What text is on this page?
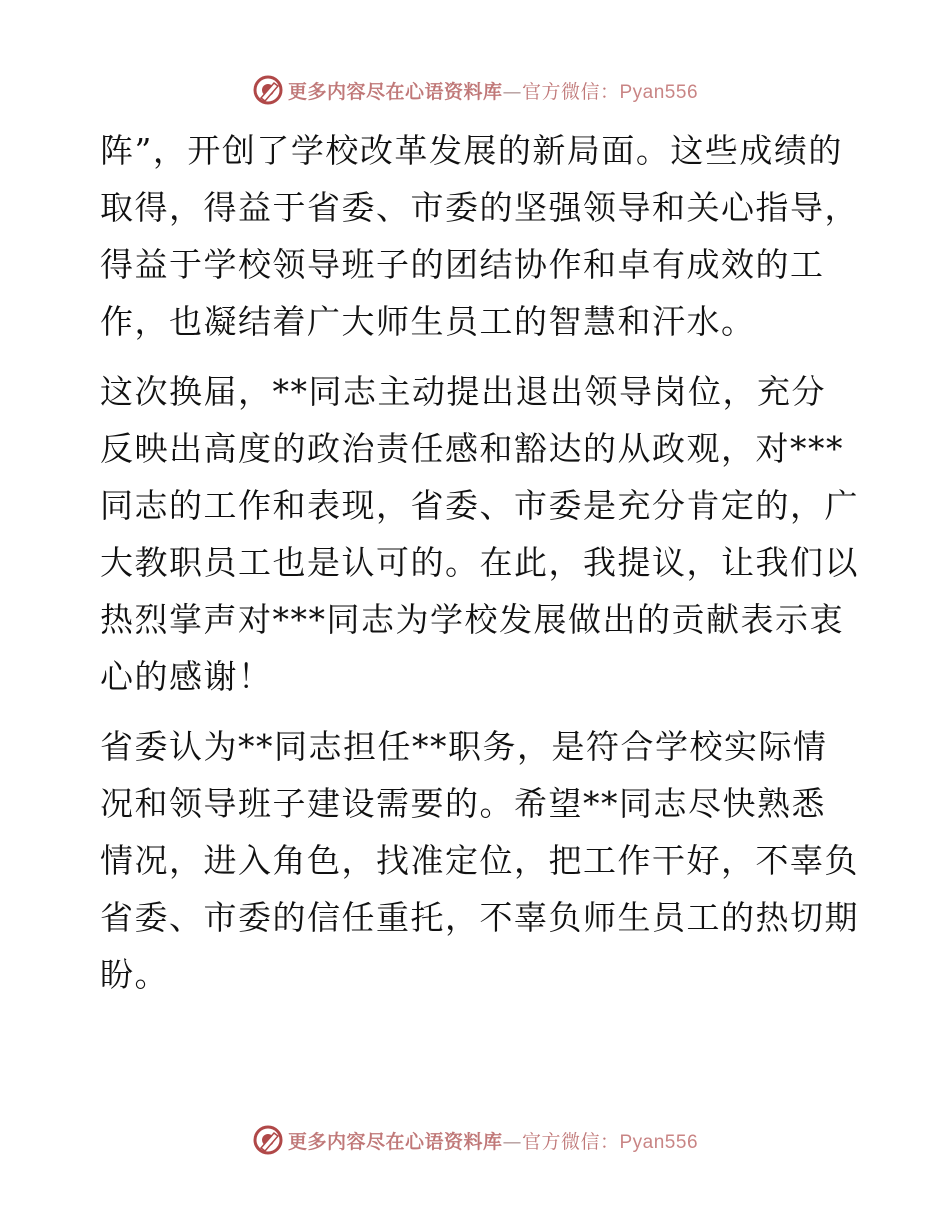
更多内容尽在心语资料库—官方微信：Pyan556

阵”，开创了学校改革发展的新局面。这些成绩的取得，得益于省委、市委的坚强领导和关心指导，得益于学校领导班子的团结协作和卓有成效的工作，也凝结着广大师生员工的智慧和汗水。

这次换届，**同志主动提出退出领导岗位，充分反映出高度的政治责任感和豁达的从政观，对***同志的工作和表现，省委、市委是充分肯定的，广大教职员工也是认可的。在此，我提议，让我们以热烈掌声对***同志为学校发展做出的贡献表示衷心的感谢！

省委认为**同志担任**职务，是符合学校实际情况和领导班子建设需要的。希望**同志尽快熟悉情况，进入角色，找准定位，把工作干好，不辜负省委、市委的信任重托，不辜负师生员工的热切期盼。

更多内容尽在心语资料库—官方微信：Pyan556
